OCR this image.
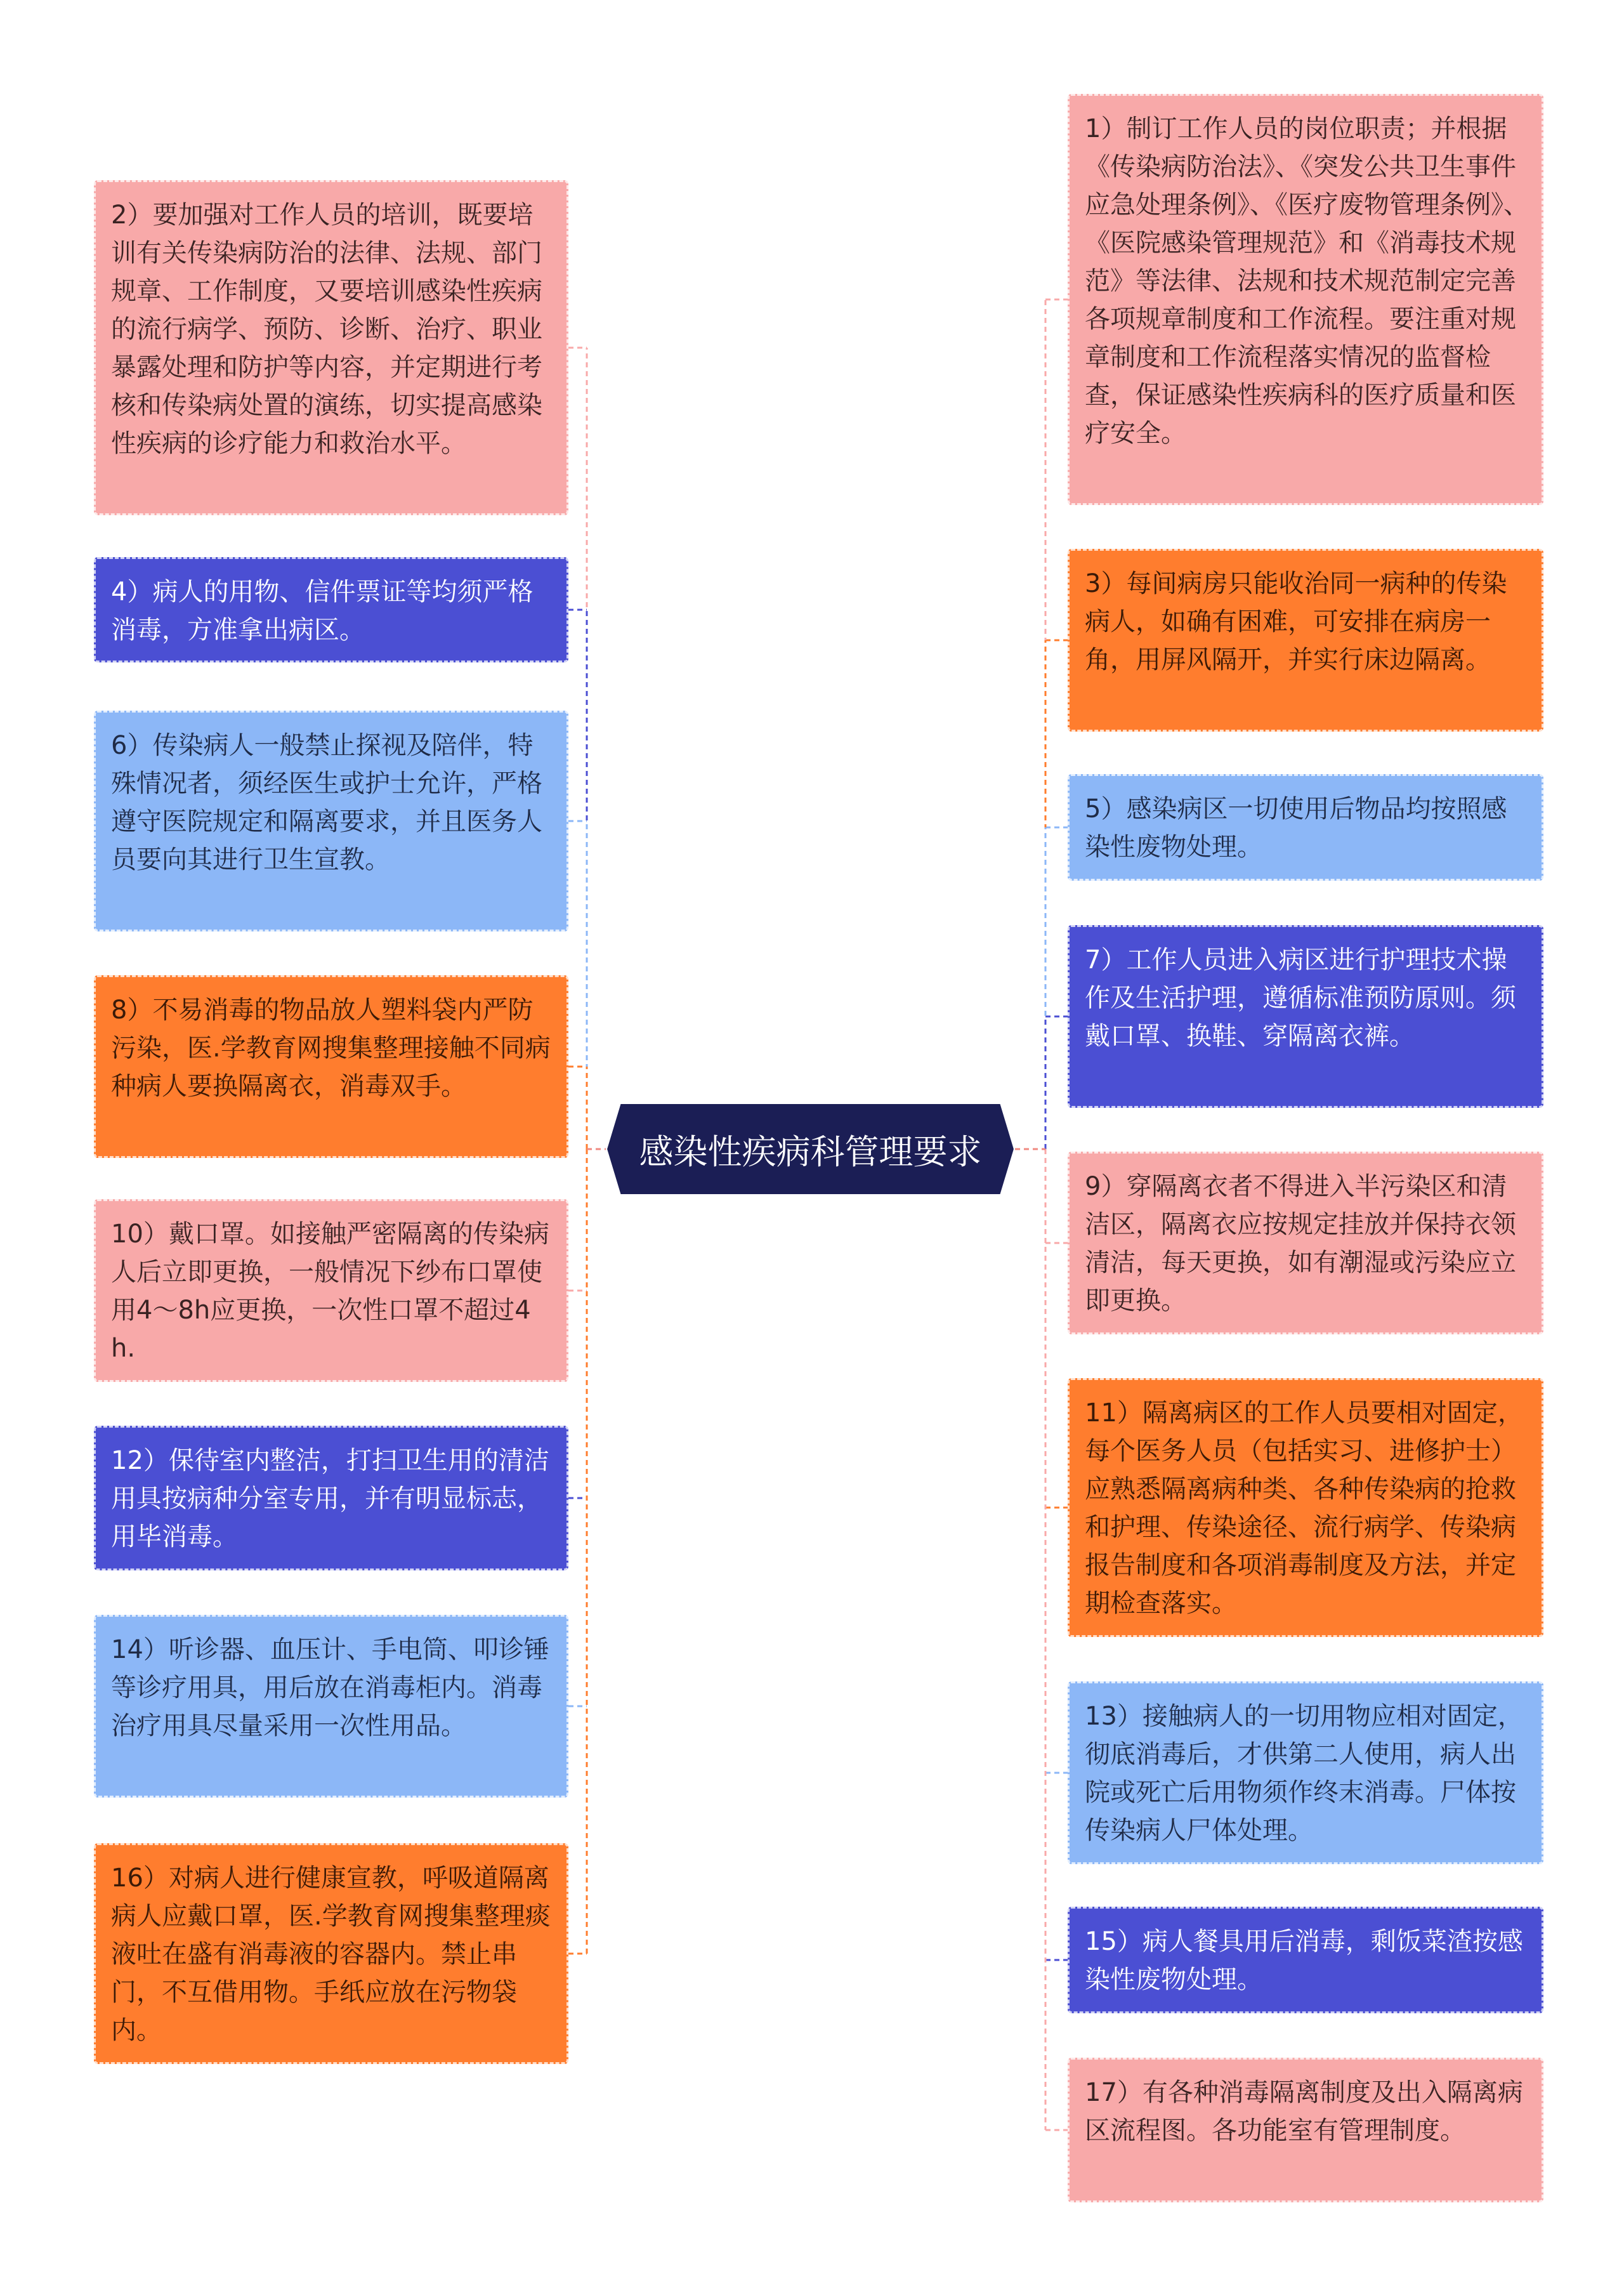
2）要加强对工作人员的培训，既要培训有关传染病防治的法律、法规、部门规章、工作制度，又要培训感染性疾病的流行病学、预防、诊断、治疗、职业暴露处理和防护等内容，并定期进行考核和传染病处置的演练，切实提高感染性疾病的诊疗能力和救治水平。
4）病人的用物、信件票证等均须严格消毒，方准拿出病区。
6）传染病人一般禁止探视及陪伴，特殊情况者，须经医生或护士允许，严格遵守医院规定和隔离要求，并且医务人员要向其进行卫生宣教。
8）不易消毒的物品放人塑料袋内严防污染，医.学教育网搜集整理接触不同病种病人要换隔离衣，消毒双手。
10）戴口罩。如接触严密隔离的传染病人后立即更换，一般情况下纱布口罩使用4～8h应更换，一次性口罩不超过4h.
12）保待室内整洁，打扫卫生用的清洁用具按病种分室专用，并有明显标志，用毕消毒。
14）听诊器、血压计、手电筒、叩诊锤等诊疗用具，用后放在消毒柜内。消毒治疗用具尽量采用一次性用品。
16）对病人进行健康宣教，呼吸道隔离病人应戴口罩，医.学教育网搜集整理痰液吐在盛有消毒液的容器内。禁止串门，不互借用物。手纸应放在污物袋内。
1）制订工作人员的岗位职责；并根据《传染病防治法》、《突发公共卫生事件应急处理条例》、《医疗废物管理条例》、《医院感染管理规范》和《消毒技术规范》等法律、法规和技术规范制定完善各项规章制度和工作流程。要注重对规章制度和工作流程落实情况的监督检查，保证感染性疾病科的医疗质量和医疗安全。
3）每间病房只能收治同一病种的传染病人，如确有困难，可安排在病房一角，用屏风隔开，并实行床边隔离。
5）感染病区一切使用后物品均按照感染性废物处理。
7）工作人员进入病区进行护理技术操作及生活护理，遵循标准预防原则。须戴口罩、换鞋、穿隔离衣裤。
9）穿隔离衣者不得进入半污染区和清洁区，隔离衣应按规定挂放并保持衣领清洁，每天更换，如有潮湿或污染应立即更换。
11）隔离病区的工作人员要相对固定，每个医务人员（包括实习、进修护士）应熟悉隔离病种类、各种传染病的抢救和护理、传染途径、流行病学、传染病报告制度和各项消毒制度及方法，并定期检查落实。
13）接触病人的一切用物应相对固定，彻底消毒后，才供第二人使用，病人出院或死亡后用物须作终末消毒。尸体按传染病人尸体处理。
15）病人餐具用后消毒，剩饭菜渣按感染性废物处理。
17）有各种消毒隔离制度及出入隔离病区流程图。各功能室有管理制度。
感染性疾病科管理要求
